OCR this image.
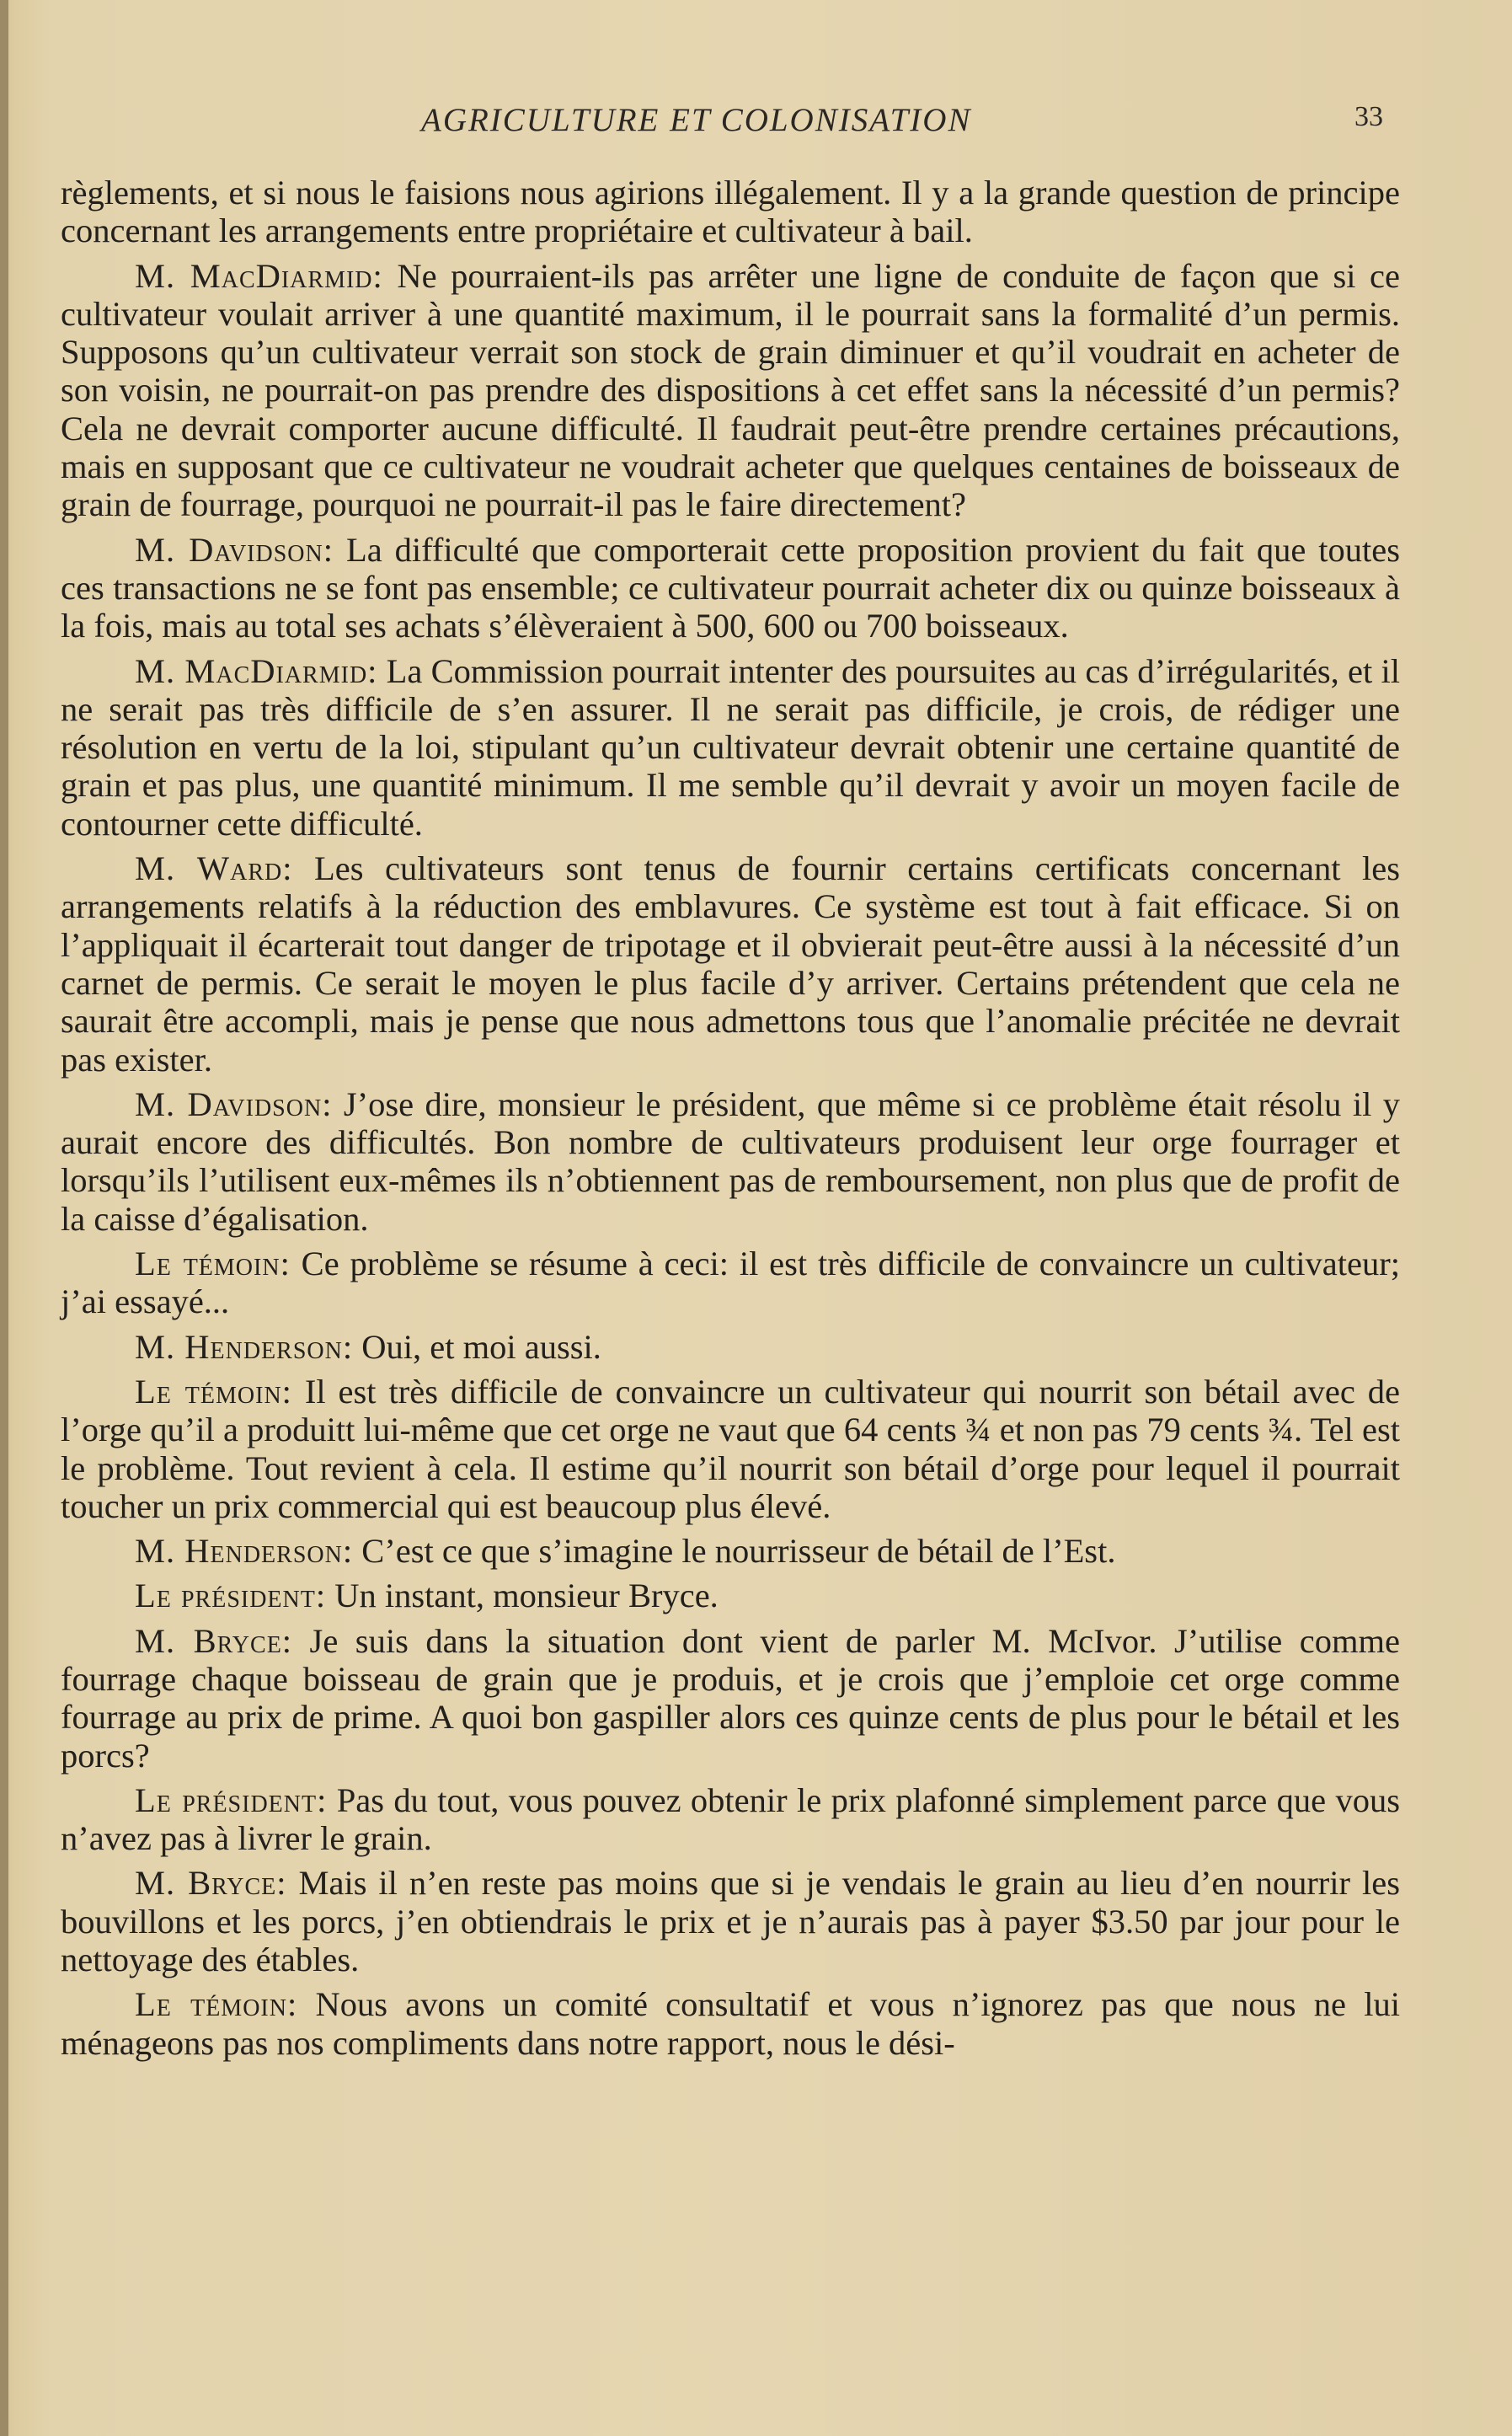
AGRICULTURE ET COLONISATION	33

règlements, et si nous le faisions nous agirions illégalement. Il y a la grande question de principe concernant les arrangements entre propriétaire et cultivateur à bail.

M. MacDiarmid: Ne pourraient-ils pas arrêter une ligne de conduite de façon que si ce cultivateur voulait arriver à une quantité maximum, il le pourrait sans la formalité d’un permis. Supposons qu’un cultivateur verrait son stock de grain diminuer et qu’il voudrait en acheter de son voisin, ne pourrait-on pas prendre des dispositions à cet effet sans la nécessité d’un permis? Cela ne devrait comporter aucune difficulté. Il faudrait peut-être prendre certaines précautions, mais en supposant que ce cultivateur ne voudrait acheter que quelques centaines de boisseaux de grain de fourrage, pourquoi ne pourrait-il pas le faire directement?

M. Davidson: La difficulté que comporterait cette proposition provient du fait que toutes ces transactions ne se font pas ensemble; ce cultivateur pourrait acheter dix ou quinze boisseaux à la fois, mais au total ses achats s’élèveraient à 500, 600 ou 700 boisseaux.

M. MacDiarmid: La Commission pourrait intenter des poursuites au cas d’irrégularités, et il ne serait pas très difficile de s’en assurer. Il ne serait pas difficile, je crois, de rédiger une résolution en vertu de la loi, stipulant qu’un cultivateur devrait obtenir une certaine quantité de grain et pas plus, une quantité minimum. Il me semble qu’il devrait y avoir un moyen facile de contourner cette difficulté.

M. Ward: Les cultivateurs sont tenus de fournir certains certificats concernant les arrangements relatifs à la réduction des emblavures. Ce système est tout à fait efficace. Si on l’appliquait il écarterait tout danger de tripotage et il obvierait peut-être aussi à la nécessité d’un carnet de permis. Ce serait le moyen le plus facile d’y arriver. Certains prétendent que cela ne saurait être accompli, mais je pense que nous admettons tous que l’anomalie précitée ne devrait pas exister.

M. Davidson: J’ose dire, monsieur le président, que même si ce problème était résolu il y aurait encore des difficultés. Bon nombre de cultivateurs produisent leur orge fourrager et lorsqu’ils l’utilisent eux-mêmes ils n’obtiennent pas de remboursement, non plus que de profit de la caisse d’égalisation.

Le témoin: Ce problème se résume à ceci: il est très difficile de convaincre un cultivateur; j’ai essayé...

M. Henderson: Oui, et moi aussi.

Le témoin: Il est très difficile de convaincre un cultivateur qui nourrit son bétail avec de l’orge qu’il a produitt lui-même que cet orge ne vaut que 64 cents ¾ et non pas 79 cents ¾. Tel est le problème. Tout revient à cela. Il estime qu’il nourrit son bétail d’orge pour lequel il pourrait toucher un prix commercial qui est beaucoup plus élevé.

M. Henderson: C’est ce que s’imagine le nourrisseur de bétail de l’Est.

Le président: Un instant, monsieur Bryce.

M. Bryce: Je suis dans la situation dont vient de parler M. McIvor. J’utilise comme fourrage chaque boisseau de grain que je produis, et je crois que j’emploie cet orge comme fourrage au prix de prime. A quoi bon gaspiller alors ces quinze cents de plus pour le bétail et les porcs?

Le président: Pas du tout, vous pouvez obtenir le prix plafonné simplement parce que vous n’avez pas à livrer le grain.

M. Bryce: Mais il n’en reste pas moins que si je vendais le grain au lieu d’en nourrir les bouvillons et les porcs, j’en obtiendrais le prix et je n’aurais pas à payer $3.50 par jour pour le nettoyage des étables.

Le témoin: Nous avons un comité consultatif et vous n’ignorez pas que nous ne lui ménageons pas nos compliments dans notre rapport, nous le dési-
